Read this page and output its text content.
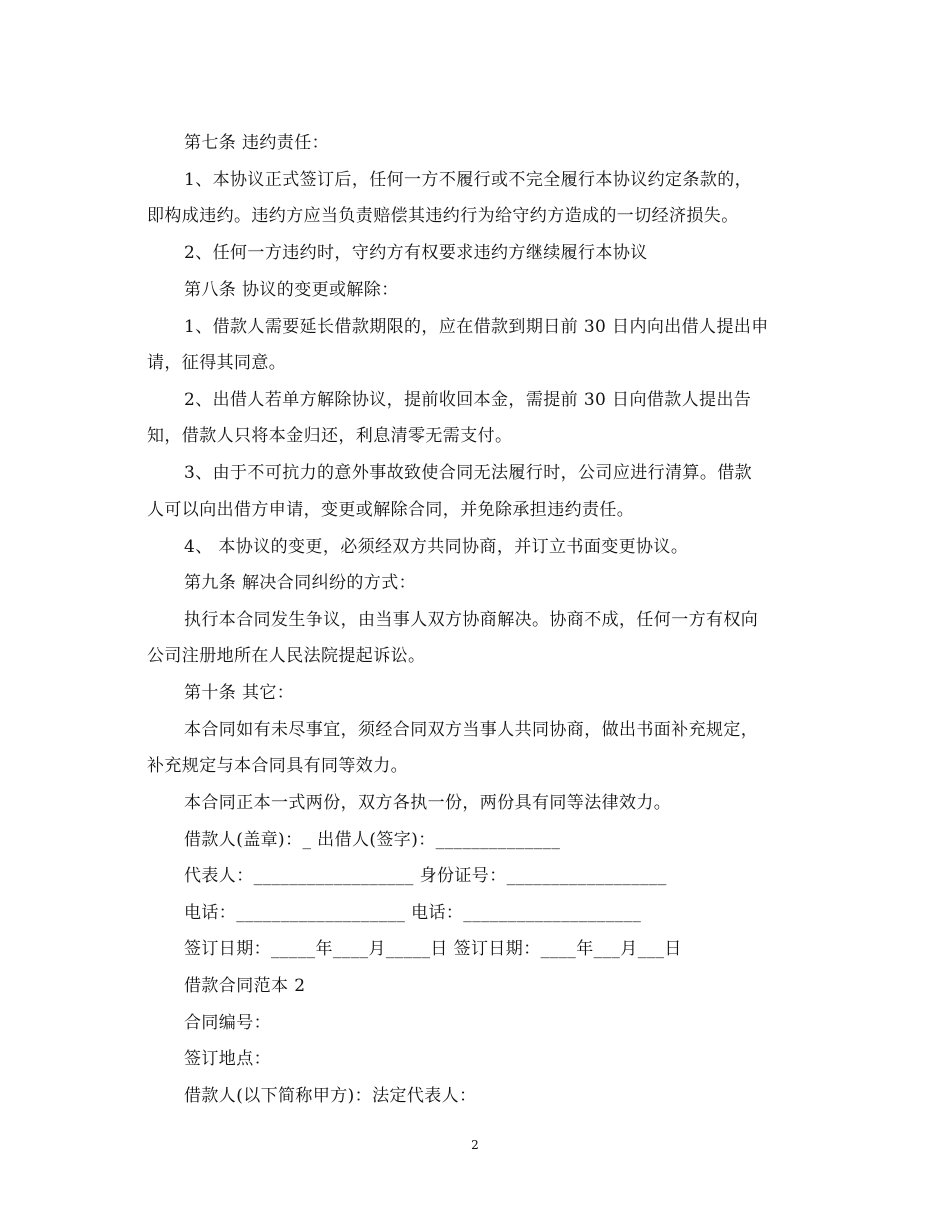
第七条 违约责任：
1、本协议正式签订后，任何一方不履行或不完全履行本协议约定条款的，
即构成违约。违约方应当负责赔偿其违约行为给守约方造成的一切经济损失。
2、任何一方违约时，守约方有权要求违约方继续履行本协议
第八条 协议的变更或解除：
1、借款人需要延长借款期限的，应在借款到期日前 30 日内向出借人提出申
请，征得其同意。
2、出借人若单方解除协议，提前收回本金，需提前 30 日向借款人提出告
知，借款人只将本金归还，利息清零无需支付。
3、由于不可抗力的意外事故致使合同无法履行时，公司应进行清算。借款
人可以向出借方申请，变更或解除合同，并免除承担违约责任。
4、 本协议的变更，必须经双方共同协商，并订立书面变更协议。
第九条 解决合同纠纷的方式：
执行本合同发生争议，由当事人双方协商解决。协商不成，任何一方有权向
公司注册地所在人民法院提起诉讼。
第十条 其它：
本合同如有未尽事宜，须经合同双方当事人共同协商，做出书面补充规定，
补充规定与本合同具有同等效力。
本合同正本一式两份，双方各执一份，两份具有同等法律效力。
借款人(盖章)：_ 出借人(签字)：______________
代表人：__________________ 身份证号：__________________
电话：___________________ 电话：____________________
签订日期：_____年____月_____日 签订日期：____年___月___日
借款合同范本 2
合同编号：
签订地点：
借款人(以下简称甲方)：法定代表人：
2
